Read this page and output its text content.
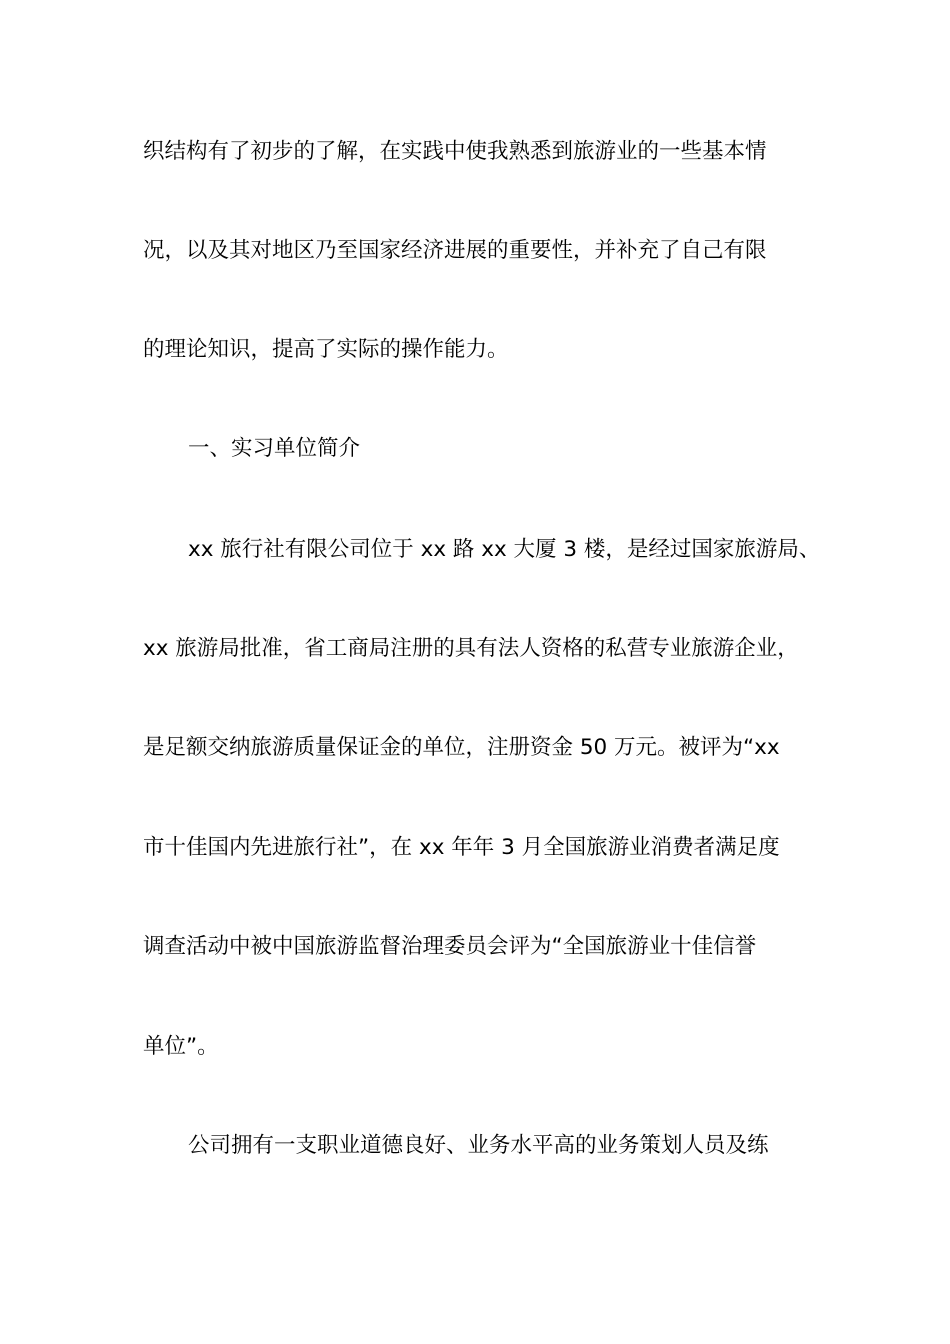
织结构有了初步的了解，在实践中使我熟悉到旅游业的一些基本情
况，以及其对地区乃至国家经济进展的重要性，并补充了自己有限
的理论知识，提高了实际的操作能力。
一、实习单位简介
xx 旅行社有限公司位于 xx 路 xx 大厦 3 楼，是经过国家旅游局、
xx 旅游局批准，省工商局注册的具有法人资格的私营专业旅游企业，
是足额交纳旅游质量保证金的单位，注册资金 50 万元。被评为“xx
市十佳国内先进旅行社”，在 xx 年年 3 月全国旅游业消费者满足度
调查活动中被中国旅游监督治理委员会评为“全国旅游业十佳信誉
单位”。
公司拥有一支职业道德良好、业务水平高的业务策划人员及练
